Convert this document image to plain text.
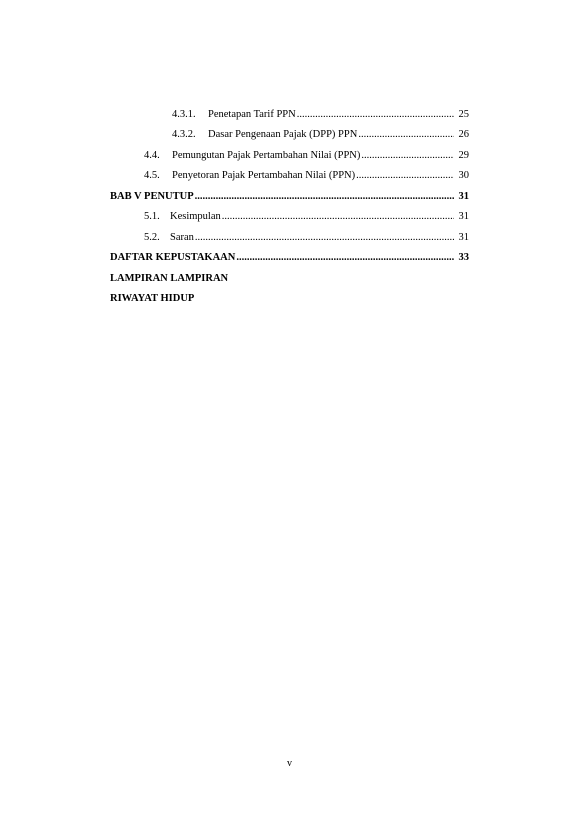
4.3.1.	Penetapan Tarif PPN .....	25
4.3.2.	Dasar Pengenaan Pajak (DPP) PPN .....	26
4.4.	Pemungutan Pajak Pertambahan Nilai (PPN) .....	29
4.5.	Penyetoran Pajak Pertambahan Nilai (PPN) .....	30
BAB V PENUTUP .....	31
5.1. Kesimpulan .....	31
5.2. Saran .....	31
DAFTAR KEPUSTAKAAN .....	33
LAMPIRAN LAMPIRAN
RIWAYAT HIDUP
v
